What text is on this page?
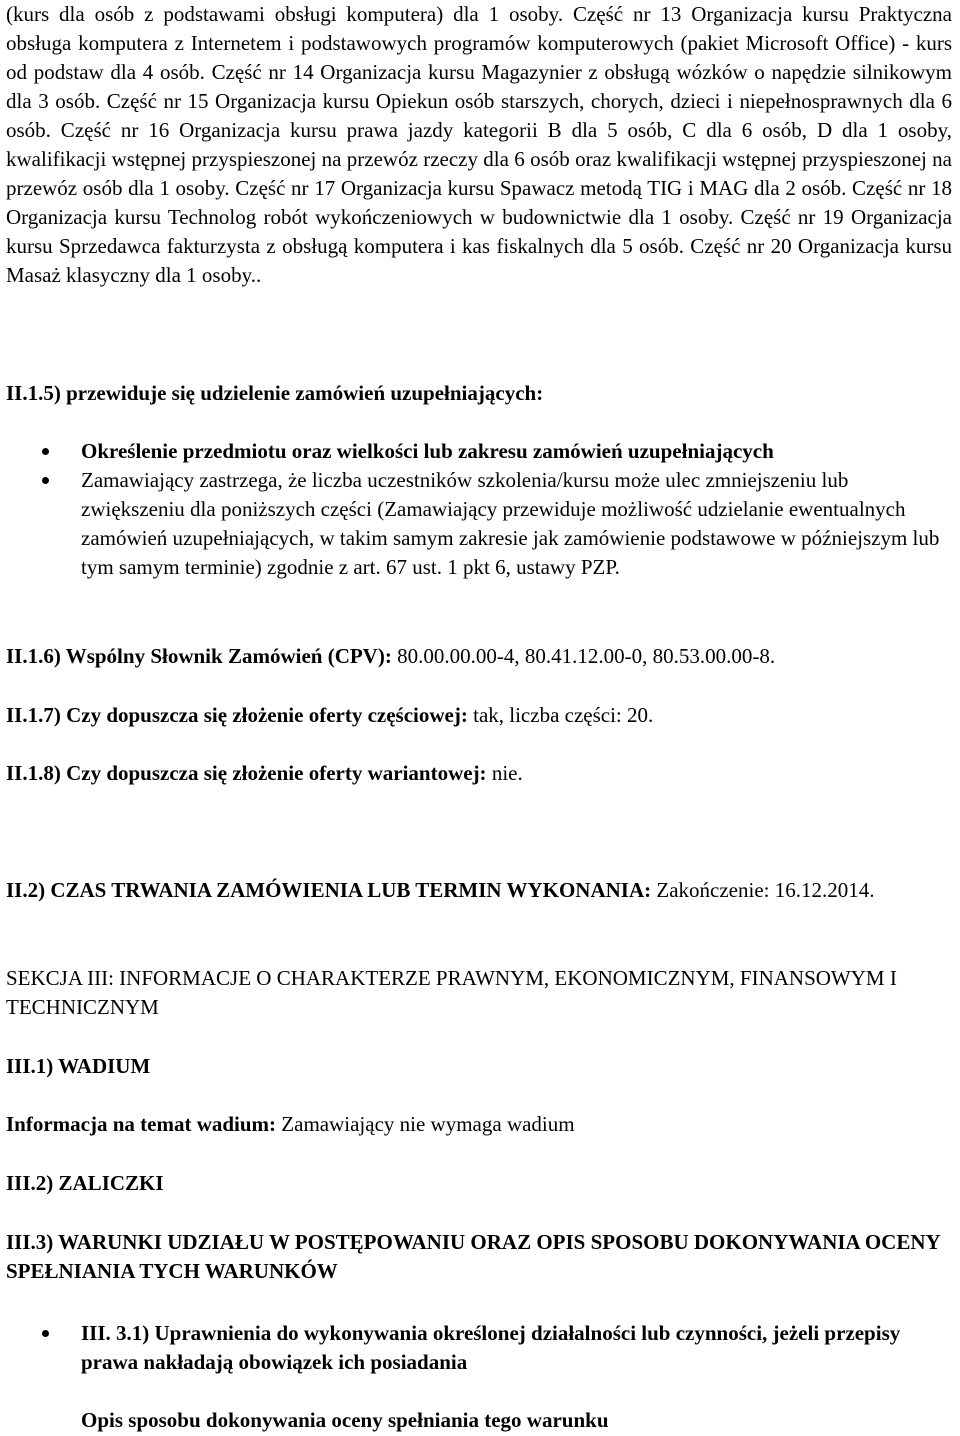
(kurs dla osób z podstawami obsługi komputera) dla 1 osoby. Część nr 13 Organizacja kursu Praktyczna obsługa komputera z Internetem i podstawowych programów komputerowych (pakiet Microsoft Office) - kurs od podstaw dla 4 osób. Część nr 14 Organizacja kursu Magazynier z obsługą wózków o napędzie silnikowym dla 3 osób. Część nr 15 Organizacja kursu Opiekun osób starszych, chorych, dzieci i niepełnosprawnych dla 6 osób. Część nr 16 Organizacja kursu prawa jazdy kategorii B dla 5 osób, C dla 6 osób, D dla 1 osoby, kwalifikacji wstępnej przyspieszonej na przewóz rzeczy dla 6 osób oraz kwalifikacji wstępnej przyspieszonej na przewóz osób dla 1 osoby. Część nr 17 Organizacja kursu Spawacz metodą TIG i MAG dla 2 osób. Część nr 18 Organizacja kursu Technolog robót wykończeniowych w budownictwie dla 1 osoby. Część nr 19 Organizacja kursu Sprzedawca fakturzysta z obsługą komputera i kas fiskalnych dla 5 osób. Część nr 20 Organizacja kursu Masaż klasyczny dla 1 osoby..

II.1.5) przewiduje się udzielenie zamówień uzupełniających:

Określenie przedmiotu oraz wielkości lub zakresu zamówień uzupełniających
Zamawiający zastrzega, że liczba uczestników szkolenia/kursu może ulec zmniejszeniu lub zwiększeniu dla poniższych części (Zamawiający przewiduje możliwość udzielanie ewentualnych zamówień uzupełniających, w takim samym zakresie jak zamówienie podstawowe w późniejszym lub tym samym terminie) zgodnie z art. 67 ust. 1 pkt 6, ustawy PZP.

II.1.6) Wspólny Słownik Zamówień (CPV): 80.00.00.00-4, 80.41.12.00-0, 80.53.00.00-8.

II.1.7) Czy dopuszcza się złożenie oferty częściowej: tak, liczba części: 20.

II.1.8) Czy dopuszcza się złożenie oferty wariantowej: nie.

II.2) CZAS TRWANIA ZAMÓWIENIA LUB TERMIN WYKONANIA: Zakończenie: 16.12.2014.

SEKCJA III: INFORMACJE O CHARAKTERZE PRAWNYM, EKONOMICZNYM, FINANSOWYM I TECHNICZNYM

III.1) WADIUM

Informacja na temat wadium: Zamawiający nie wymaga wadium

III.2) ZALICZKI

III.3) WARUNKI UDZIAŁU W POSTĘPOWANIU ORAZ OPIS SPOSOBU DOKONYWANIA OCENY SPEŁNIANIA TYCH WARUNKÓW

III. 3.1) Uprawnienia do wykonywania określonej działalności lub czynności, jeżeli przepisy prawa nakładają obowiązek ich posiadania

Opis sposobu dokonywania oceny spełniania tego warunku
